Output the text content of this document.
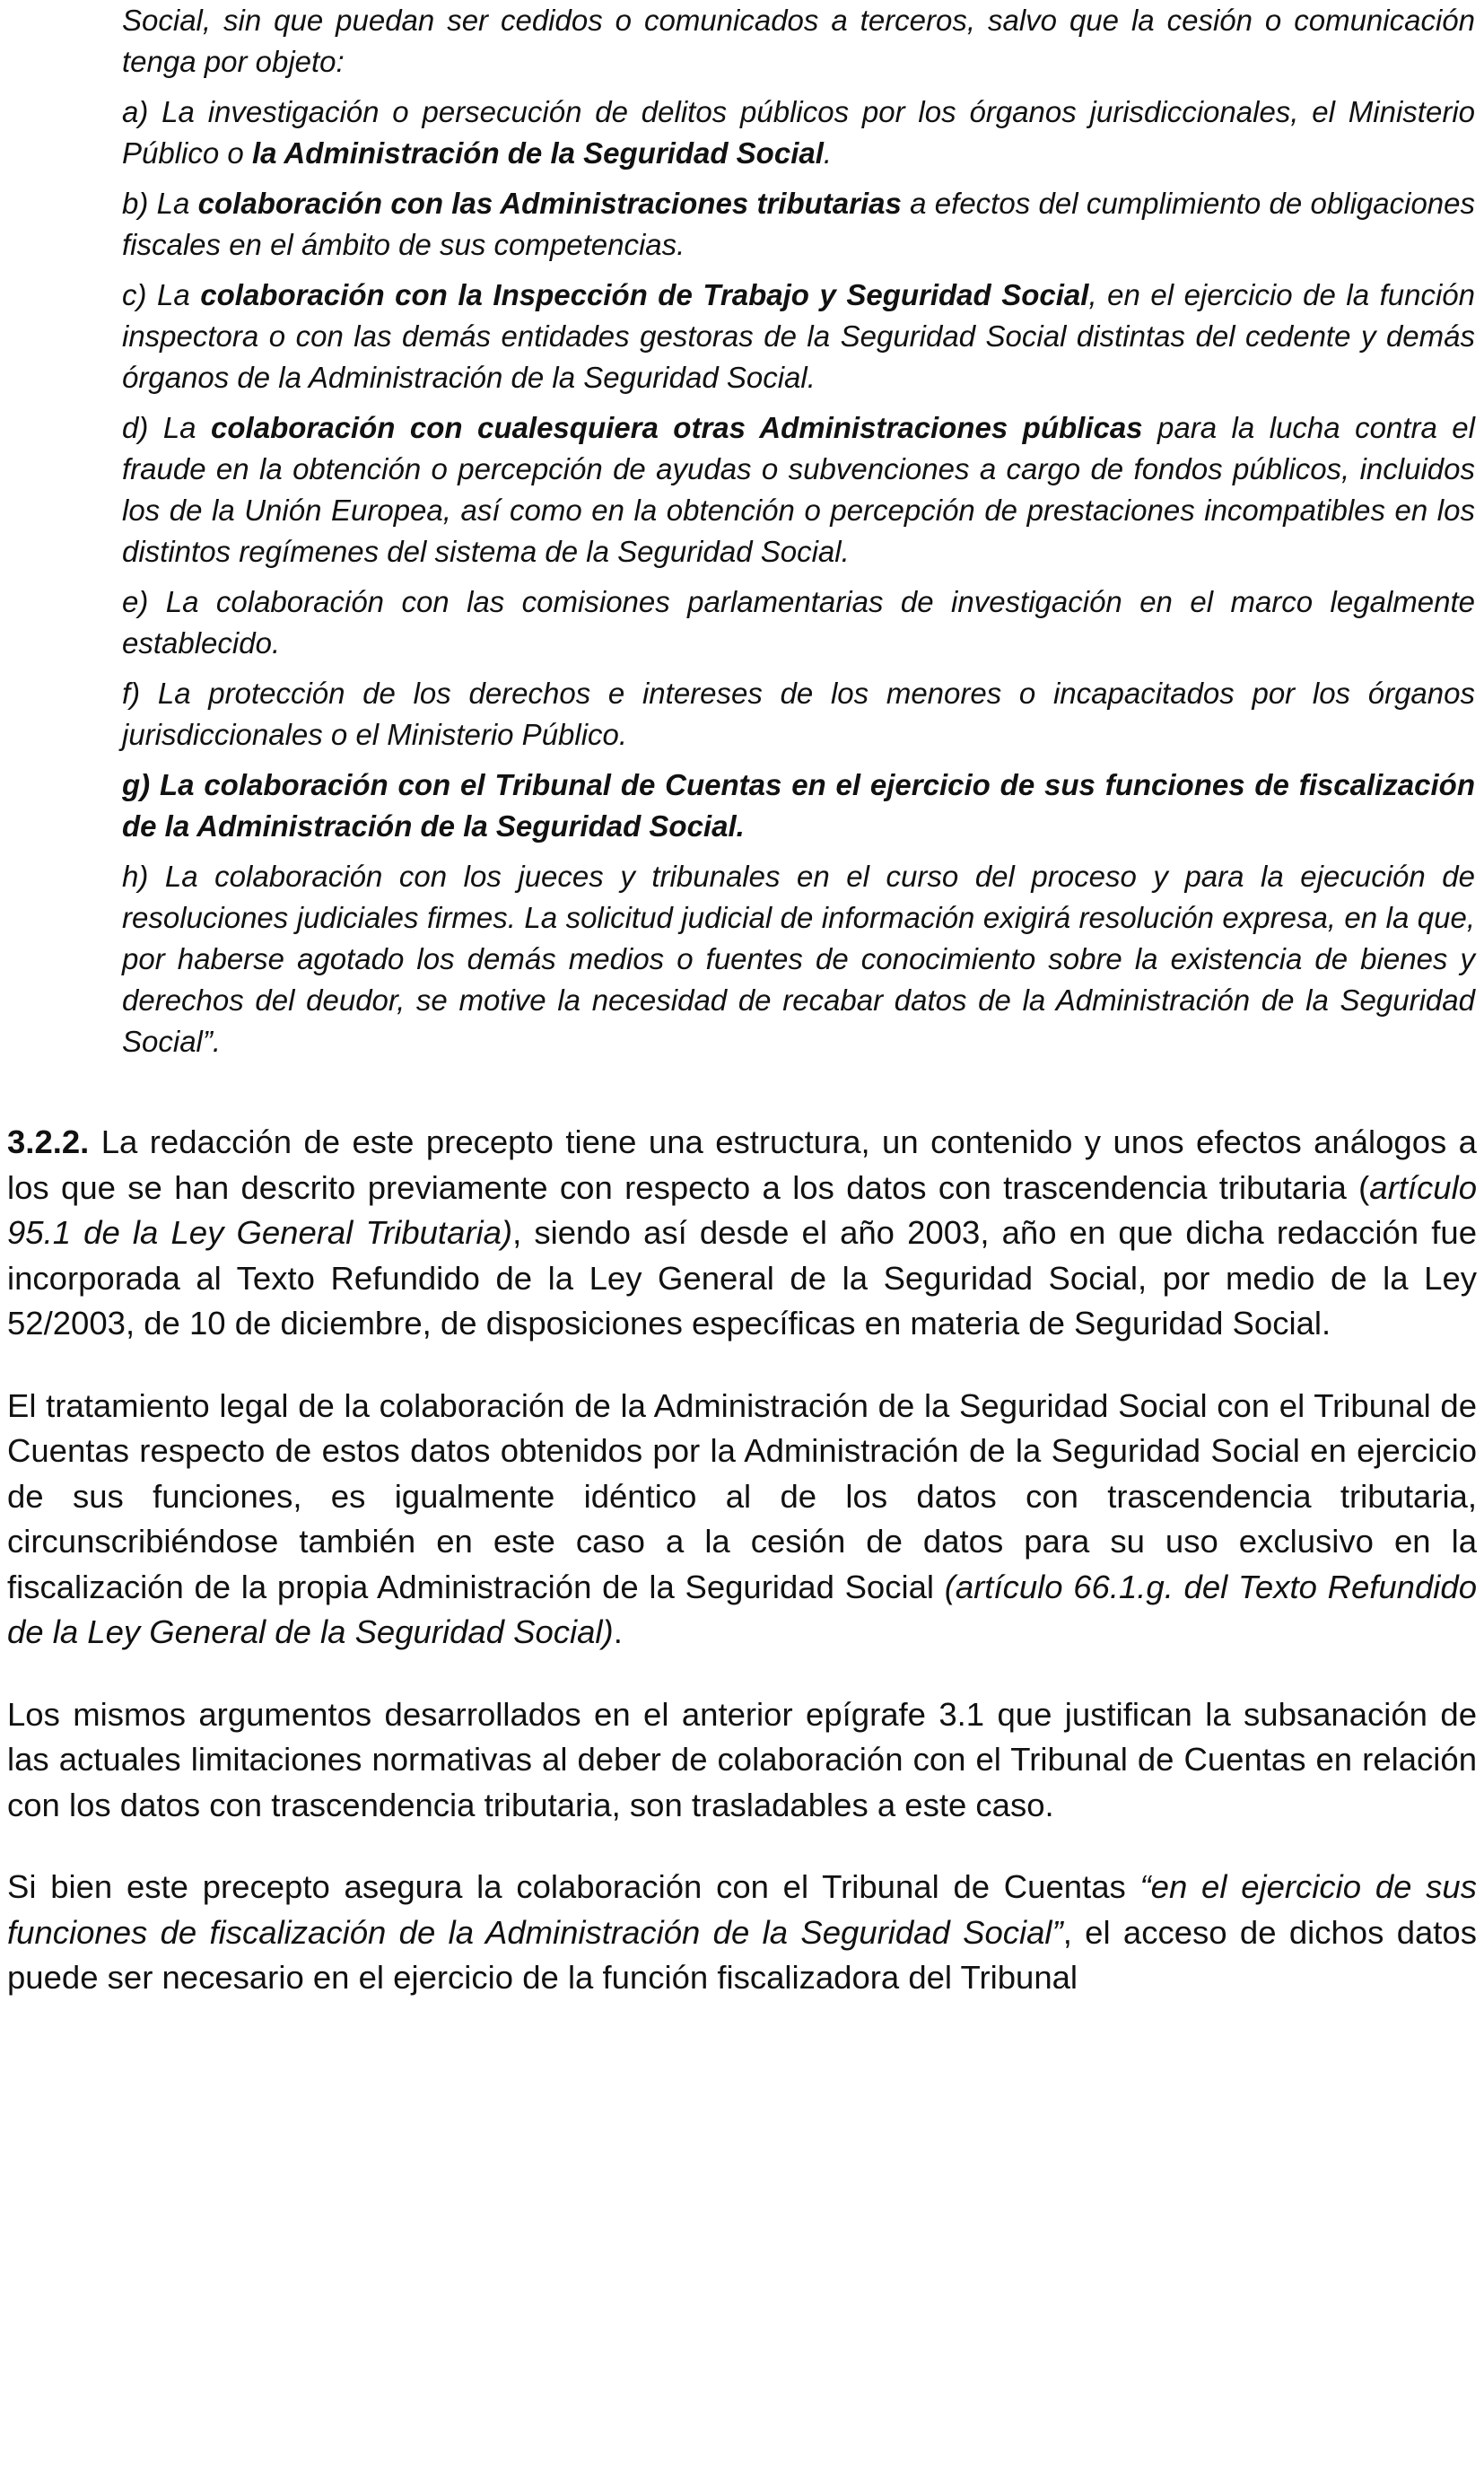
Social, sin que puedan ser cedidos o comunicados a terceros, salvo que la cesión o comunicación tenga por objeto:

a) La investigación o persecución de delitos públicos por los órganos jurisdiccionales, el Ministerio Público o la Administración de la Seguridad Social.

b) La colaboración con las Administraciones tributarias a efectos del cumplimiento de obligaciones fiscales en el ámbito de sus competencias.

c) La colaboración con la Inspección de Trabajo y Seguridad Social, en el ejercicio de la función inspectora o con las demás entidades gestoras de la Seguridad Social distintas del cedente y demás órganos de la Administración de la Seguridad Social.

d) La colaboración con cualesquiera otras Administraciones públicas para la lucha contra el fraude en la obtención o percepción de ayudas o subvenciones a cargo de fondos públicos, incluidos los de la Unión Europea, así como en la obtención o percepción de prestaciones incompatibles en los distintos regímenes del sistema de la Seguridad Social.

e) La colaboración con las comisiones parlamentarias de investigación en el marco legalmente establecido.

f) La protección de los derechos e intereses de los menores o incapacitados por los órganos jurisdiccionales o el Ministerio Público.

g) La colaboración con el Tribunal de Cuentas en el ejercicio de sus funciones de fiscalización de la Administración de la Seguridad Social.

h) La colaboración con los jueces y tribunales en el curso del proceso y para la ejecución de resoluciones judiciales firmes. La solicitud judicial de información exigirá resolución expresa, en la que, por haberse agotado los demás medios o fuentes de conocimiento sobre la existencia de bienes y derechos del deudor, se motive la necesidad de recabar datos de la Administración de la Seguridad Social”.

3.2.2. La redacción de este precepto tiene una estructura, un contenido y unos efectos análogos a los que se han descrito previamente con respecto a los datos con trascendencia tributaria (artículo 95.1 de la Ley General Tributaria), siendo así desde el año 2003, año en que dicha redacción fue incorporada al Texto Refundido de la Ley General de la Seguridad Social, por medio de la Ley 52/2003, de 10 de diciembre, de disposiciones específicas en materia de Seguridad Social.

El tratamiento legal de la colaboración de la Administración de la Seguridad Social con el Tribunal de Cuentas respecto de estos datos obtenidos por la Administración de la Seguridad Social en ejercicio de sus funciones, es igualmente idéntico al de los datos con trascendencia tributaria, circunscribiéndose también en este caso a la cesión de datos para su uso exclusivo en la fiscalización de la propia Administración de la Seguridad Social (artículo 66.1.g. del Texto Refundido de la Ley General de la Seguridad Social).

Los mismos argumentos desarrollados en el anterior epígrafe 3.1 que justifican la subsanación de las actuales limitaciones normativas al deber de colaboración con el Tribunal de Cuentas en relación con los datos con trascendencia tributaria, son trasladables a este caso.

Si bien este precepto asegura la colaboración con el Tribunal de Cuentas “en el ejercicio de sus funciones de fiscalización de la Administración de la Seguridad Social”, el acceso de dichos datos puede ser necesario en el ejercicio de la función fiscalizadora del Tribunal
